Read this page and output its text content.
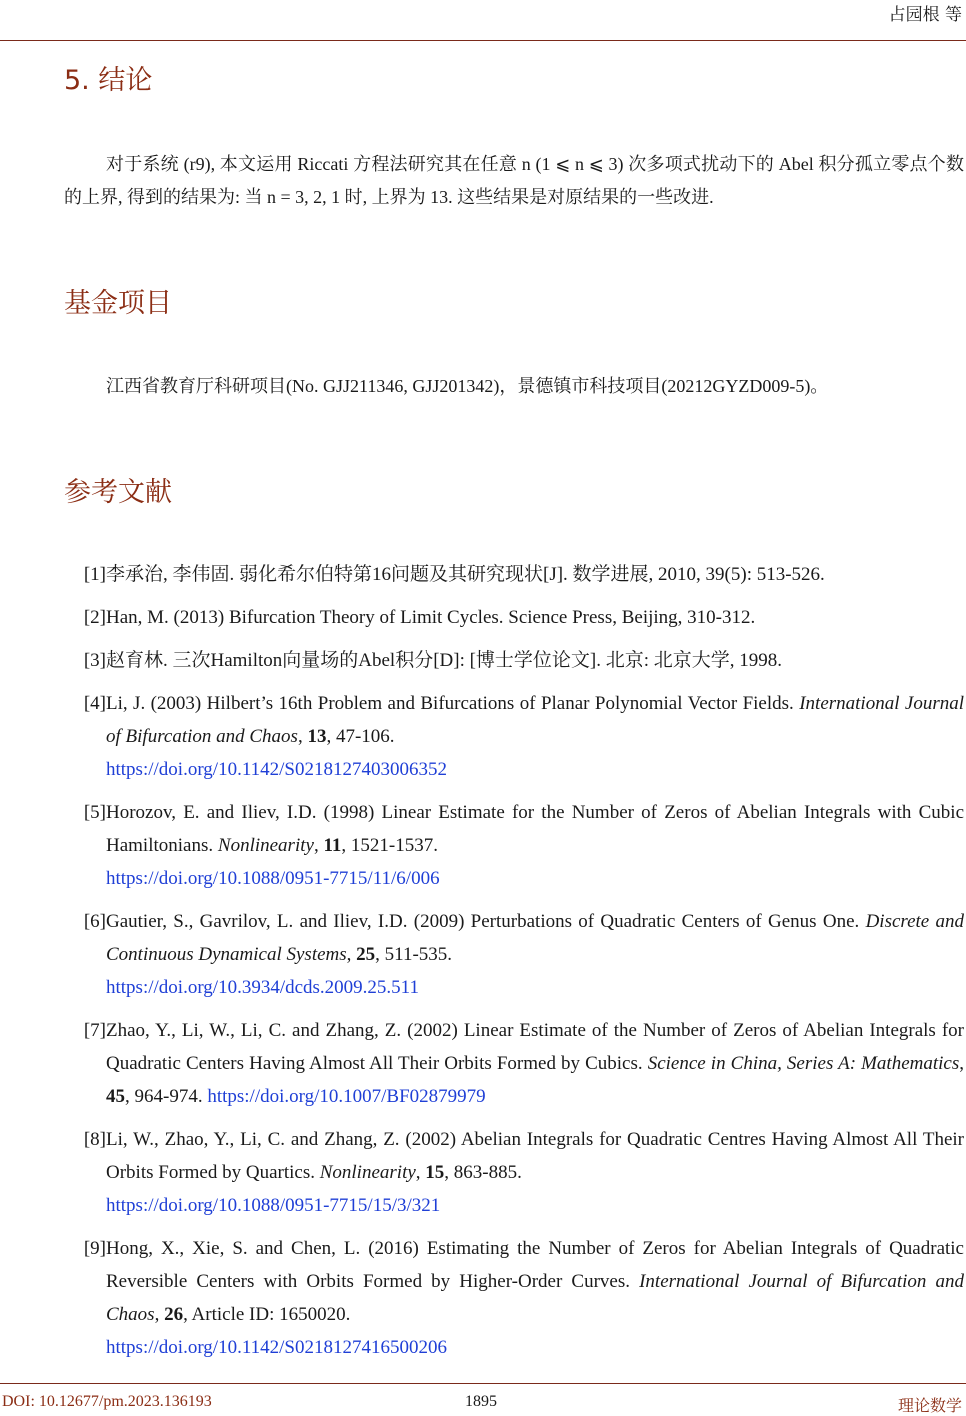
占园根 等
5. 结论
对于系统 (r9), 本文运用 Riccati 方程法研究其在任意 n (1 ⩽ n ⩽ 3) 次多项式扰动下的 Abel 积分孤立零点个数的上界, 得到的结果为: 当 n = 3, 2, 1 时, 上界为 13. 这些结果是对原结果的一些改进.
基金项目
江西省教育厅科研项目(No. GJJ211346, GJJ201342)，景德镇市科技项目(20212GYZD009-5)。
参考文献
[1] 李承治, 李伟固. 弱化希尔伯特第16问题及其研究现状[J]. 数学进展, 2010, 39(5): 513-526.
[2] Han, M. (2013) Bifurcation Theory of Limit Cycles. Science Press, Beijing, 310-312.
[3] 赵育林. 三次Hamilton向量场的Abel积分[D]: [博士学位论文]. 北京: 北京大学, 1998.
[4] Li, J. (2003) Hilbert’s 16th Problem and Bifurcations of Planar Polynomial Vector Fields. International Journal of Bifurcation and Chaos, 13, 47-106.
https://doi.org/10.1142/S0218127403006352
[5] Horozov, E. and Iliev, I.D. (1998) Linear Estimate for the Number of Zeros of Abelian Integrals with Cubic Hamiltonians. Nonlinearity, 11, 1521-1537.
https://doi.org/10.1088/0951-7715/11/6/006
[6] Gautier, S., Gavrilov, L. and Iliev, I.D. (2009) Perturbations of Quadratic Centers of Genus One. Discrete and Continuous Dynamical Systems, 25, 511-535.
https://doi.org/10.3934/dcds.2009.25.511
[7] Zhao, Y., Li, W., Li, C. and Zhang, Z. (2002) Linear Estimate of the Number of Zeros of Abelian Integrals for Quadratic Centers Having Almost All Their Orbits Formed by Cubics. Science in China, Series A: Mathematics, 45, 964-974. https://doi.org/10.1007/BF02879979
[8] Li, W., Zhao, Y., Li, C. and Zhang, Z. (2002) Abelian Integrals for Quadratic Centres Having Almost All Their Orbits Formed by Quartics. Nonlinearity, 15, 863-885.
https://doi.org/10.1088/0951-7715/15/3/321
[9] Hong, X., Xie, S. and Chen, L. (2016) Estimating the Number of Zeros for Abelian Integrals of Quadratic Reversible Centers with Orbits Formed by Higher-Order Curves. International Journal of Bifurcation and Chaos, 26, Article ID: 1650020.
https://doi.org/10.1142/S0218127416500206
DOI: 10.12677/pm.2023.136193	1895	理论数学
